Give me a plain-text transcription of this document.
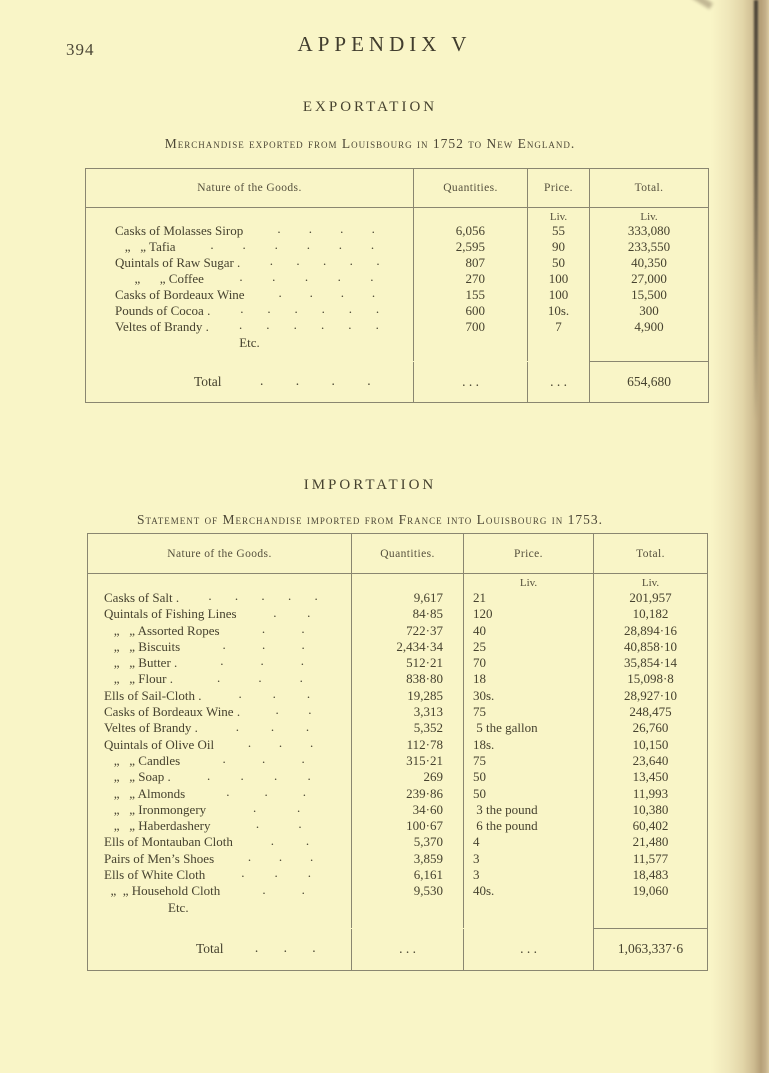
394	APPENDIX V
EXPORTATION
Merchandise exported from Louisbourg in 1752 to New England.
Nature of the Goods.	Quantities.	Price.	Total.
Liv.	Liv.
Casks of Molasses Sirop	. . . .	6,056	55	333,080
„   „ Tafia	. . . . . .	2,595	90	233,550
Quintals of Raw Sugar . . . . . .	807	50	40,350
„      „ Coffee	. . . . .	270	100	27,000
Casks of Bordeaux Wine	. . . .	155	100	15,500
Pounds of Cocoa . . . . . . .	600	10s.	300
Veltes of Brandy . . . . . . .	700	7	4,900
Etc.
Total	. . . .	. . .	. . .	654,680
IMPORTATION
Statement of Merchandise imported from France into Louisbourg in 1753.
Nature of the Goods.	Quantities.	Price.	Total.
Liv.	Liv.
Casks of Salt . . . . . .	9,617	21	201,957
Quintals of Fishing Lines	. .	84·85	120	10,182
„   „ Assorted Ropes	.	.	722·37	40	28,894·16
„   „ Biscuits	.	.	.	2,434·34	25	40,858·10
„   „ Butter .	.	.	.	512·21	70	35,854·14
„   „ Flour .	.	.	.	838·80	18	15,098·8
Ells of Sail-Cloth .	. . .	19,285	30s.	28,927·10
Casks of Bordeaux Wine .	. .	3,313	75	248,475
Veltes of Brandy .	. . .	5,352	5 the gallon	26,760
Quintals of Olive Oil	. . .	112·78	18s.	10,150
„   „ Candles	.	.	.	315·21	75	23,640
„   „ Soap .	. . . .	269	50	13,450
„   „ Almonds	.	.	.	239·86	50	11,993
„   „ Ironmongery	.	.	34·60	3 the pound	10,380
„   „ Haberdashery	.	.	100·67	6 the pound	60,402
Ells of Montauban Cloth	. .	5,370	4	21,480
Pairs of Men’s Shoes	. . .	3,859	3	11,577
Ells of White Cloth	. . .	6,161	3	18,483
„  „ Household Cloth	.	.	9,530	40s.	19,060
Etc.
Total . . .	. . .	. . .	1,063,337·6
